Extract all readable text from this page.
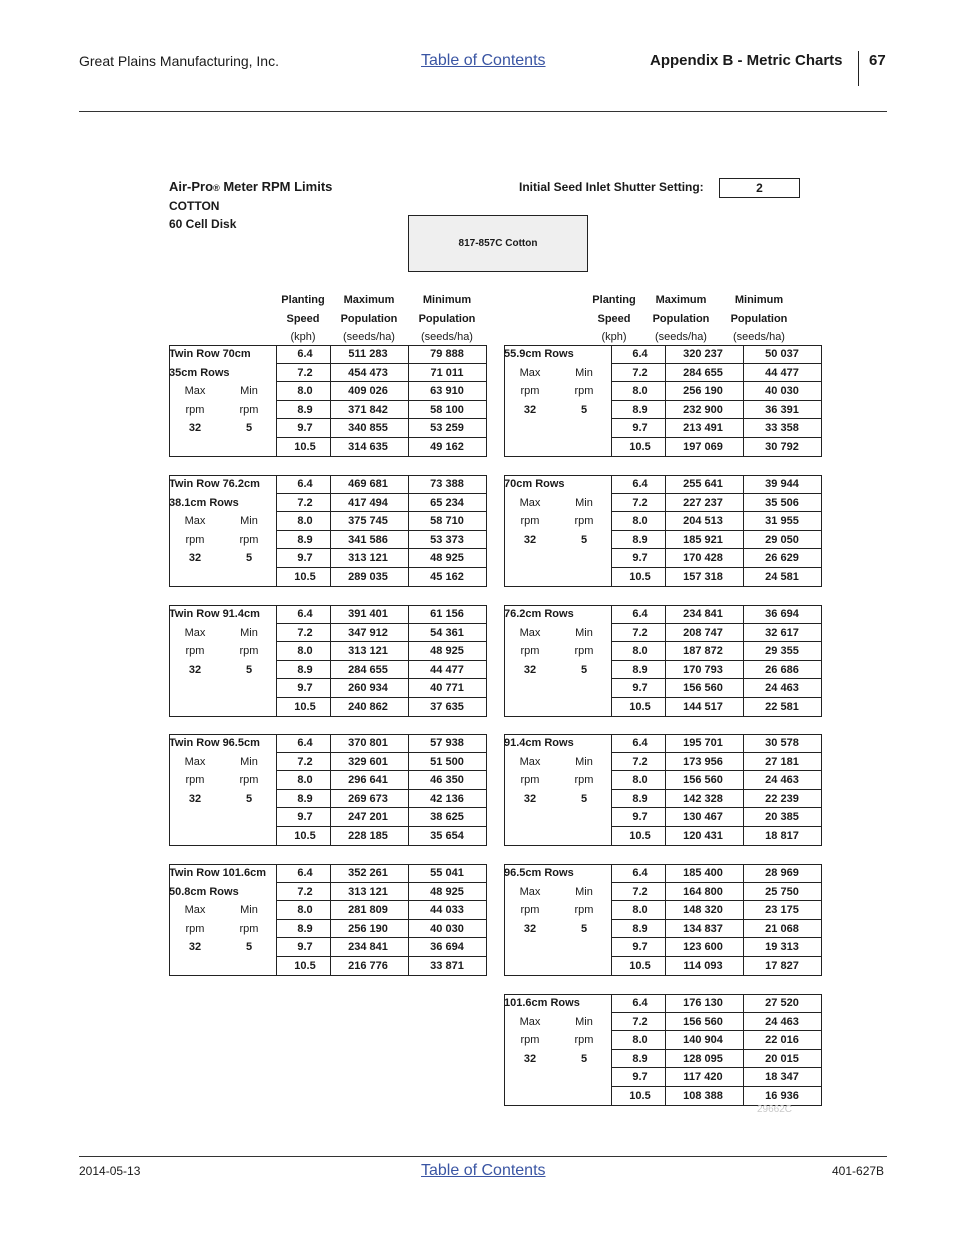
Great Plains Manufacturing, Inc.	Table of Contents	Appendix B - Metric Charts 67
Air-Pro® Meter RPM Limits
COTTON
60 Cell Disk
Initial Seed Inlet Shutter Setting:	2
817-857C Cotton
Planting
Speed
(kph)
Maximum
Population
(seeds/ha)
Minimum
Population
(seeds/ha)
Planting
Speed
(kph)
Maximum
Population
(seeds/ha)
Minimum
Population
(seeds/ha)
6.4	511 283	79 888
7.2	454 473	71 011
8.0	409 026	63 910
8.9	371 842	58 100
9.7	340 855	53 259
10.5	314 635	49 162
Twin Row 70cm
35cm Rows
Max	Min
rpm	rpm
32	5
6.4	469 681	73 388
7.2	417 494	65 234
8.0	375 745	58 710
8.9	341 586	53 373
9.7	313 121	48 925
10.5	289 035	45 162
Twin Row 76.2cm
38.1cm Rows
Max	Min
rpm	rpm
32	5
6.4	391 401	61 156
7.2	347 912	54 361
8.0	313 121	48 925
8.9	284 655	44 477
9.7	260 934	40 771
10.5	240 862	37 635
Twin Row 91.4cm
Max	Min
rpm	rpm
32	5
6.4	370 801	57 938
7.2	329 601	51 500
8.0	296 641	46 350
8.9	269 673	42 136
9.7	247 201	38 625
10.5	228 185	35 654
Twin Row 96.5cm
Max	Min
rpm	rpm
32	5
6.4	352 261	55 041
7.2	313 121	48 925
8.0	281 809	44 033
8.9	256 190	40 030
9.7	234 841	36 694
10.5	216 776	33 871
Twin Row 101.6cm
50.8cm Rows
Max	Min
rpm	rpm
32	5
6.4	320 237	50 037
7.2	284 655	44 477
8.0	256 190	40 030
8.9	232 900	36 391
9.7	213 491	33 358
10.5	197 069	30 792
55.9cm Rows
Max	Min
rpm	rpm
32	5
6.4	255 641	39 944
7.2	227 237	35 506
8.0	204 513	31 955
8.9	185 921	29 050
9.7	170 428	26 629
10.5	157 318	24 581
70cm Rows
Max	Min
rpm	rpm
32	5
6.4	234 841	36 694
7.2	208 747	32 617
8.0	187 872	29 355
8.9	170 793	26 686
9.7	156 560	24 463
10.5	144 517	22 581
76.2cm Rows
Max	Min
rpm	rpm
32	5
6.4	195 701	30 578
7.2	173 956	27 181
8.0	156 560	24 463
8.9	142 328	22 239
9.7	130 467	20 385
10.5	120 431	18 817
91.4cm Rows
Max	Min
rpm	rpm
32	5
6.4	185 400	28 969
7.2	164 800	25 750
8.0	148 320	23 175
8.9	134 837	21 068
9.7	123 600	19 313
10.5	114 093	17 827
96.5cm Rows
Max	Min
rpm	rpm
32	5
6.4	176 130	27 520
7.2	156 560	24 463
8.0	140 904	22 016
8.9	128 095	20 015
9.7	117 420	18 347
10.5	108 388	16 936
101.6cm Rows
Max	Min
rpm	rpm
32	5
29662C
2014-05-13	Table of Contents	401-627B
